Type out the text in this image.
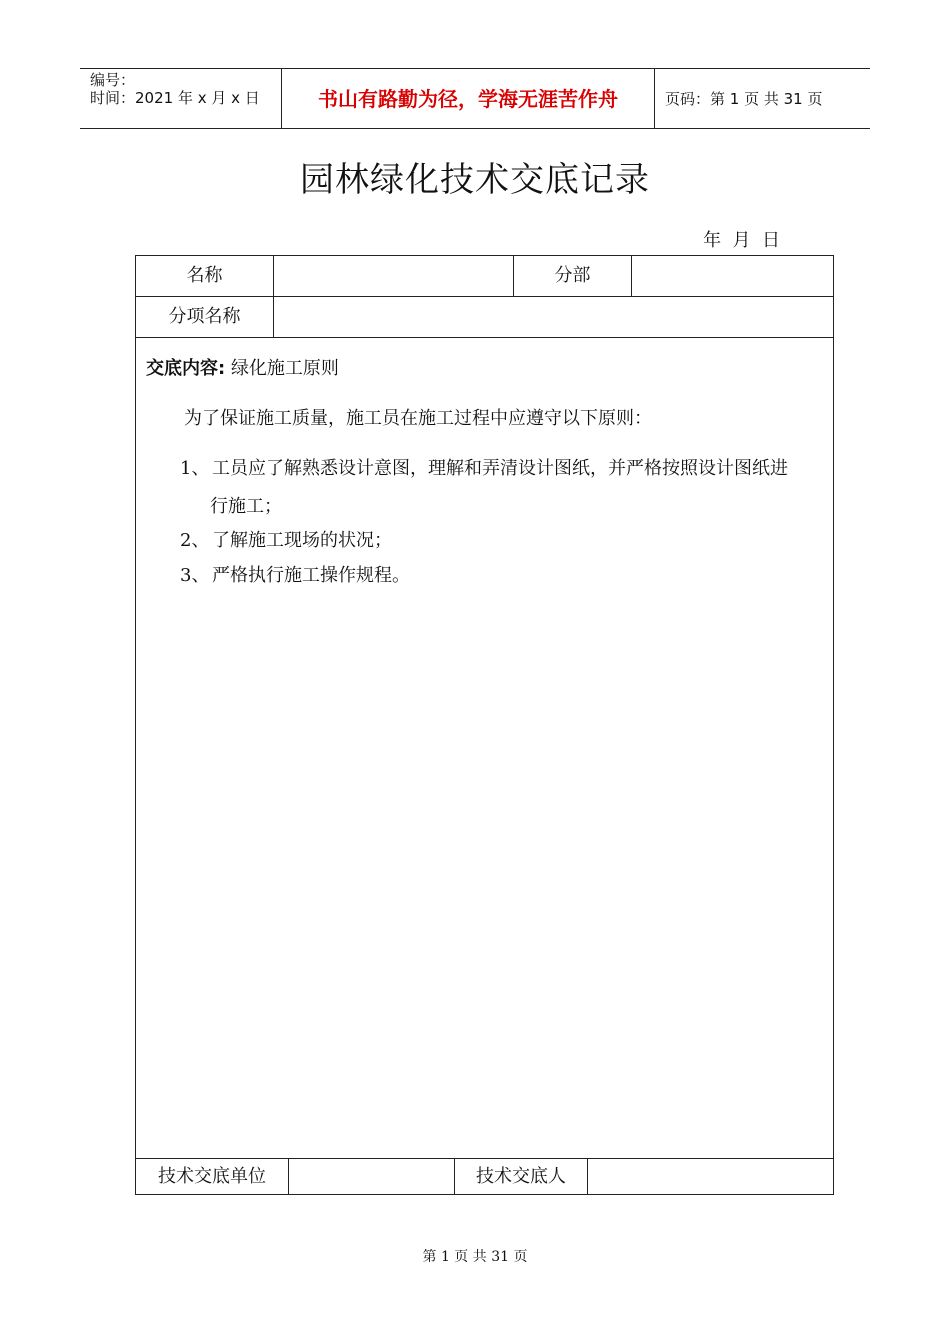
编号：
时间：2021 年 x 月 x 日	书山有路勤为径，学海无涯苦作舟	页码：第 1 页 共 31 页
园林绿化技术交底记录
年  月  日
名称	分部
分项名称
交底内容: 绿化施工原则
为了保证施工质量，施工员在施工过程中应遵守以下原则：
1、 工员应了解熟悉设计意图，理解和弄清设计图纸，并严格按照设计图纸进
行施工；
2、 了解施工现场的状况；
3、 严格执行施工操作规程。
技术交底单位	技术交底人
第 1 页 共 31 页
